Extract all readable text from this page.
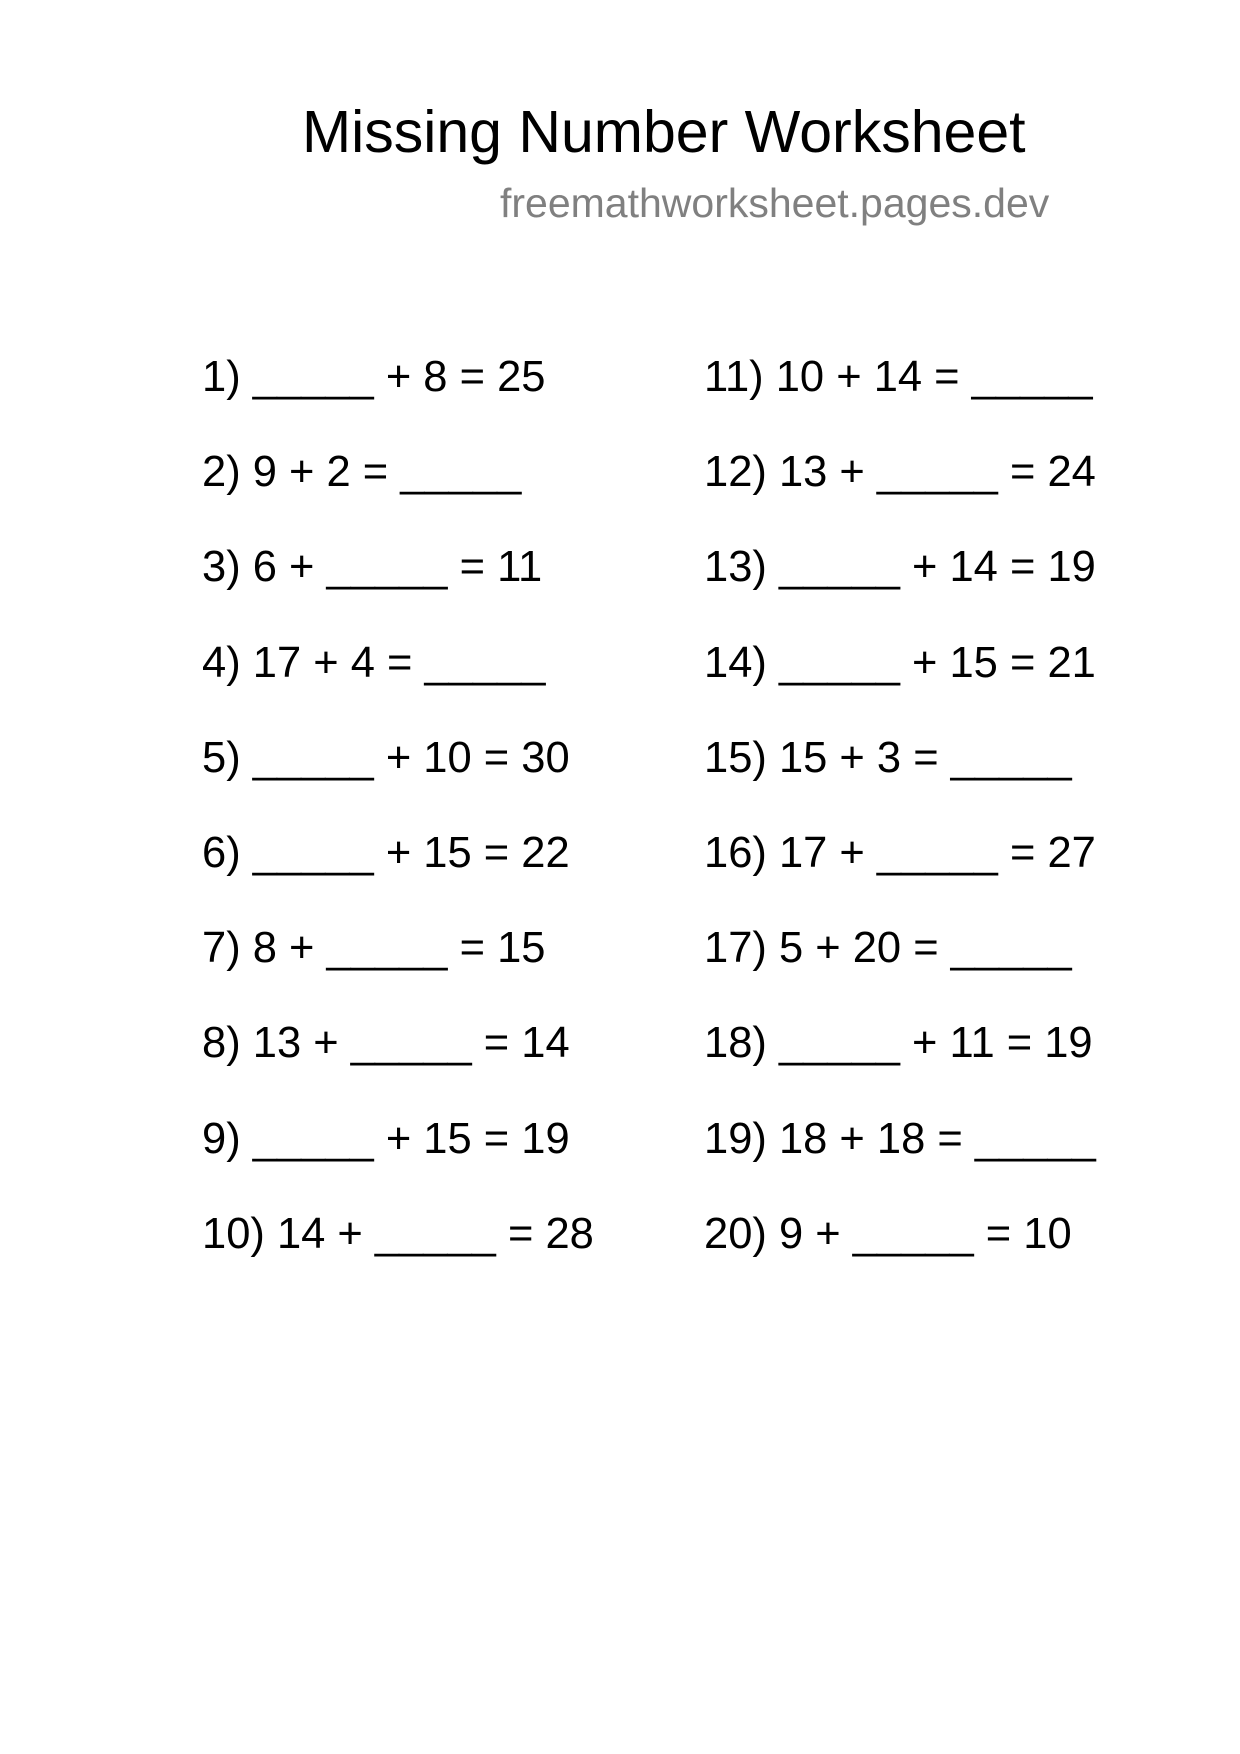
Missing Number Worksheet
freemathworksheet.pages.dev
1) _____ + 8 = 25
2) 9 + 2 = _____
3) 6 + _____ = 11
4) 17 + 4 = _____
5) _____ + 10 = 30
6) _____ + 15 = 22
7) 8 + _____ = 15
8) 13 + _____ = 14
9) _____ + 15 = 19
10) 14 + _____ = 28
11) 10 + 14 = _____
12) 13 + _____ = 24
13) _____ + 14 = 19
14) _____ + 15 = 21
15) 15 + 3 = _____
16) 17 + _____ = 27
17) 5 + 20 = _____
18) _____ + 11 = 19
19) 18 + 18 = _____
20) 9 + _____ = 10
